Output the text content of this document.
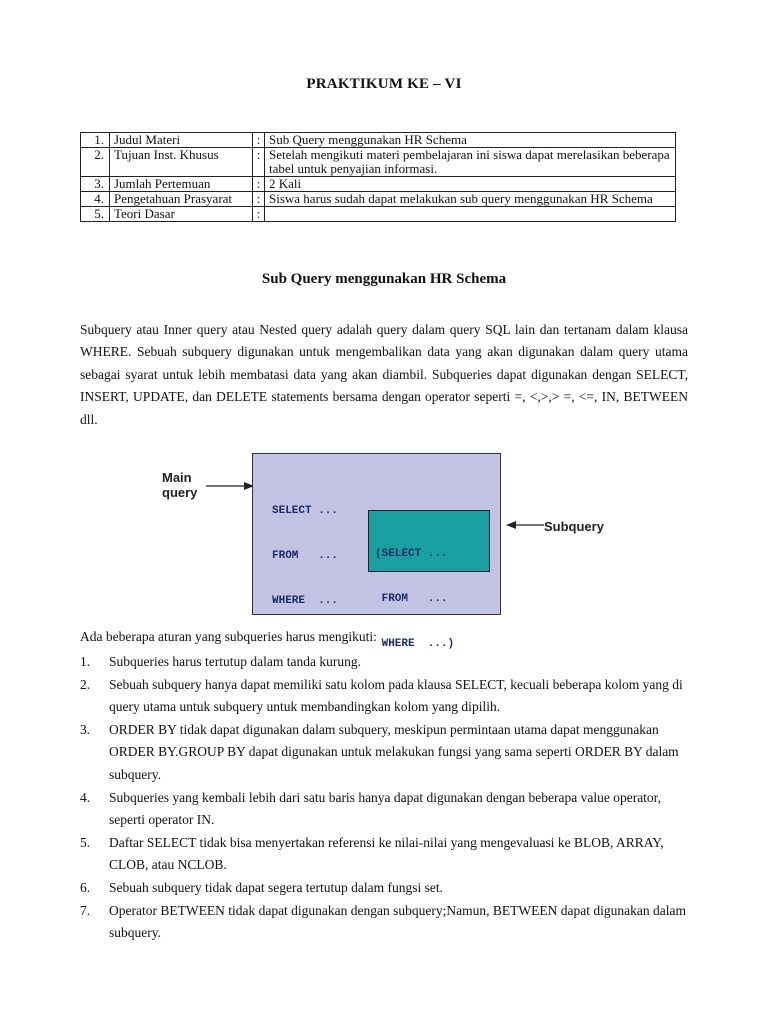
PRAKTIKUM KE – VI
1.	Judul Materi	:	Sub Query menggunakan HR Schema
2.	Tujuan Inst. Khusus	:	Setelah mengikuti materi pembelajaran ini siswa dapat merelasikan beberapa tabel untuk penyajian informasi.
3.	Jumlah Pertemuan	:	2 Kali
4.	Pengetahuan Prasyarat	:	Siswa harus sudah dapat melakukan sub query menggunakan HR Schema
5.	Teori Dasar	:	
Sub Query menggunakan HR Schema

Subquery atau Inner query atau Nested query adalah query dalam query SQL lain dan tertanam dalam klausa WHERE. Sebuah subquery digunakan untuk mengembalikan data yang akan digunakan dalam query utama sebagai syarat untuk lebih membatasi data yang akan diambil. Subqueries dapat digunakan dengan SELECT, INSERT, UPDATE, dan DELETE statements bersama dengan operator seperti =, <,>,> =, <=, IN, BETWEEN dll.

Main
query

SELECT ...

FROM   ...

WHERE  ...

(SELECT ...

FROM   ...

WHERE  ...)

Subquery
Ada beberapa aturan yang subqueries harus mengikuti:
1. Subqueries harus tertutup dalam tanda kurung.
2. Sebuah subquery hanya dapat memiliki satu kolom pada klausa SELECT, kecuali beberapa kolom yang di query utama untuk subquery untuk membandingkan kolom yang dipilih.
3. ORDER BY tidak dapat digunakan dalam subquery, meskipun permintaan utama dapat menggunakan ORDER BY.GROUP BY dapat digunakan untuk melakukan fungsi yang sama seperti ORDER BY dalam subquery.
4. Subqueries yang kembali lebih dari satu baris hanya dapat digunakan dengan beberapa value operator, seperti operator IN.
5. Daftar SELECT tidak bisa menyertakan referensi ke nilai-nilai yang mengevaluasi ke BLOB, ARRAY, CLOB, atau NCLOB.
6. Sebuah subquery tidak dapat segera tertutup dalam fungsi set.
7. Operator BETWEEN tidak dapat digunakan dengan subquery;Namun, BETWEEN dapat digunakan dalam subquery.
